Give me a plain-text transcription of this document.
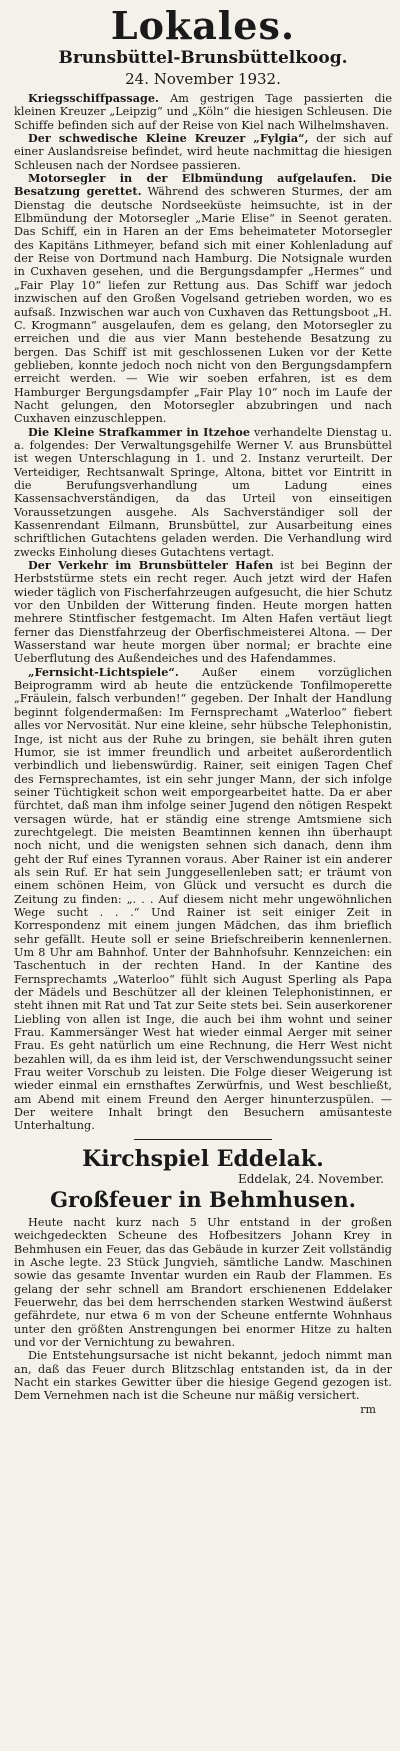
Lokales.
Brunsbüttel-Brunsbüttelkoog.
24. November 1932.

Kriegsschiffpassage. Am gestrigen Tage passierten die kleinen Kreuzer „Leipzig“ und „Köln“ die hiesigen Schleusen. Die Schiffe befinden sich auf der Reise von Kiel nach Wilhelmshaven.

Der schwedische Kleine Kreuzer „Fylgia“, der sich auf einer Auslandsreise befindet, wird heute nachmittag die hiesigen Schleusen nach der Nordsee passieren.

Motorsegler in der Elbmündung aufgelaufen. Die Besatzung gerettet. Während des schweren Sturmes, der am Dienstag die deutsche Nordseeküste heimsuchte, ist in der Elbmündung der Motorsegler „Marie Elise“ in Seenot geraten. Das Schiff, ein in Haren an der Ems beheimateter Motorsegler des Kapitäns Lithmeyer, befand sich mit einer Kohlenladung auf der Reise von Dortmund nach Hamburg. Die Notsignale wurden in Cuxhaven gesehen, und die Bergungsdampfer „Hermes“ und „Fair Play 10“ liefen zur Rettung aus. Das Schiff war jedoch inzwischen auf den Großen Vogelsand getrieben worden, wo es aufsaß. Inzwischen war auch von Cuxhaven das Rettungsboot „H. C. Krogmann“ ausgelaufen, dem es gelang, den Motorsegler zu erreichen und die aus vier Mann bestehende Besatzung zu bergen. Das Schiff ist mit geschlossenen Luken vor der Kette geblieben, konnte jedoch noch nicht von den Bergungsdampfern erreicht werden. — Wie wir soeben erfahren, ist es dem Hamburger Bergungsdampfer „Fair Play 10“ noch im Laufe der Nacht gelungen, den Motorsegler abzubringen und nach Cuxhaven einzuschleppen.

Die Kleine Strafkammer in Itzehoe verhandelte Dienstag u. a. folgendes: Der Verwaltungsgehilfe Werner V. aus Brunsbüttel ist wegen Unterschlagung in 1. und 2. Instanz verurteilt. Der Verteidiger, Rechtsanwalt Springe, Altona, bittet vor Eintritt in die Berufungsverhandlung um Ladung eines Kassensachverständigen, da das Urteil von einseitigen Voraussetzungen ausgehe. Als Sachverständiger soll der Kassenrendant Eilmann, Brunsbüttel, zur Ausarbeitung eines schriftlichen Gutachtens geladen werden. Die Verhandlung wird zwecks Einholung dieses Gutachtens vertagt.

Der Verkehr im Brunsbütteler Hafen ist bei Beginn der Herbststürme stets ein recht reger. Auch jetzt wird der Hafen wieder täglich von Fischerfahrzeugen aufgesucht, die hier Schutz vor den Unbilden der Witterung finden. Heute morgen hatten mehrere Stintfischer festgemacht. Im Alten Hafen vertäut liegt ferner das Dienstfahrzeug der Oberfischmeisterei Altona. — Der Wasserstand war heute morgen über normal; er brachte eine Ueberflutung des Außendeiches und des Hafendammes.

„Fernsicht-Lichtspiele“. Außer einem vorzüglichen Beiprogramm wird ab heute die entzückende Tonfilmoperette „Fräulein, falsch verbunden!“ gegeben. Der Inhalt der Handlung beginnt folgendermaßen: Im Fernsprechamt „Waterloo“ fiebert alles vor Nervosität. Nur eine kleine, sehr hübsche Telephonistin, Inge, ist nicht aus der Ruhe zu bringen, sie behält ihren guten Humor, sie ist immer freundlich und arbeitet außerordentlich verbindlich und liebenswürdig. Rainer, seit einigen Tagen Chef des Fernsprechamtes, ist ein sehr junger Mann, der sich infolge seiner Tüchtigkeit schon weit emporgearbeitet hatte. Da er aber fürchtet, daß man ihm infolge seiner Jugend den nötigen Respekt versagen würde, hat er ständig eine strenge Amtsmiene sich zurechtgelegt. Die meisten Beamtinnen kennen ihn überhaupt noch nicht, und die wenigsten sehnen sich danach, denn ihm geht der Ruf eines Tyrannen voraus. Aber Rainer ist ein anderer als sein Ruf. Er hat sein Junggesellenleben satt; er träumt von einem schönen Heim, von Glück und versucht es durch die Zeitung zu finden: „. . . Auf diesem nicht mehr ungewöhnlichen Wege sucht . . .“ Und Rainer ist seit einiger Zeit in Korrespondenz mit einem jungen Mädchen, das ihm brieflich sehr gefällt. Heute soll er seine Briefschreiberin kennenlernen. Um 8 Uhr am Bahnhof. Unter der Bahnhofsuhr. Kennzeichen: ein Taschentuch in der rechten Hand. In der Kantine des Fernsprechamts „Waterloo“ fühlt sich August Sperling als Papa der Mädels und Beschützer all der kleinen Telephonistinnen, er steht ihnen mit Rat und Tat zur Seite stets bei. Sein auserkorener Liebling von allen ist Inge, die auch bei ihm wohnt und seiner Frau. Kammersänger West hat wieder einmal Aerger mit seiner Frau. Es geht natürlich um eine Rechnung, die Herr West nicht bezahlen will, da es ihm leid ist, der Verschwendungssucht seiner Frau weiter Vorschub zu leisten. Die Folge dieser Weigerung ist wieder einmal ein ernsthaftes Zerwürfnis, und West beschließt, am Abend mit einem Freund den Aerger hinunterzuspülen. — Der weitere Inhalt bringt den Besuchern amüsanteste Unterhaltung.

Kirchspiel Eddelak.
Eddelak, 24. November.
Großfeuer in Behmhusen.

Heute nacht kurz nach 5 Uhr entstand in der großen weichgedeckten Scheune des Hofbesitzers Johann Krey in Behmhusen ein Feuer, das das Gebäude in kurzer Zeit vollständig in Asche legte. 23 Stück Jungvieh, sämtliche Landw. Maschinen sowie das gesamte Inventar wurden ein Raub der Flammen. Es gelang der sehr schnell am Brandort erschienenen Eddelaker Feuerwehr, das bei dem herrschenden starken Westwind äußerst gefährdete, nur etwa 6 m von der Scheune entfernte Wohnhaus unter den größten Anstrengungen bei enormer Hitze zu halten und vor der Vernichtung zu bewahren.

Die Entstehungsursache ist nicht bekannt, jedoch nimmt man an, daß das Feuer durch Blitzschlag entstanden ist, da in der Nacht ein starkes Gewitter über die hiesige Gegend gezogen ist. Dem Vernehmen nach ist die Scheune nur mäßig versichert.

rm
